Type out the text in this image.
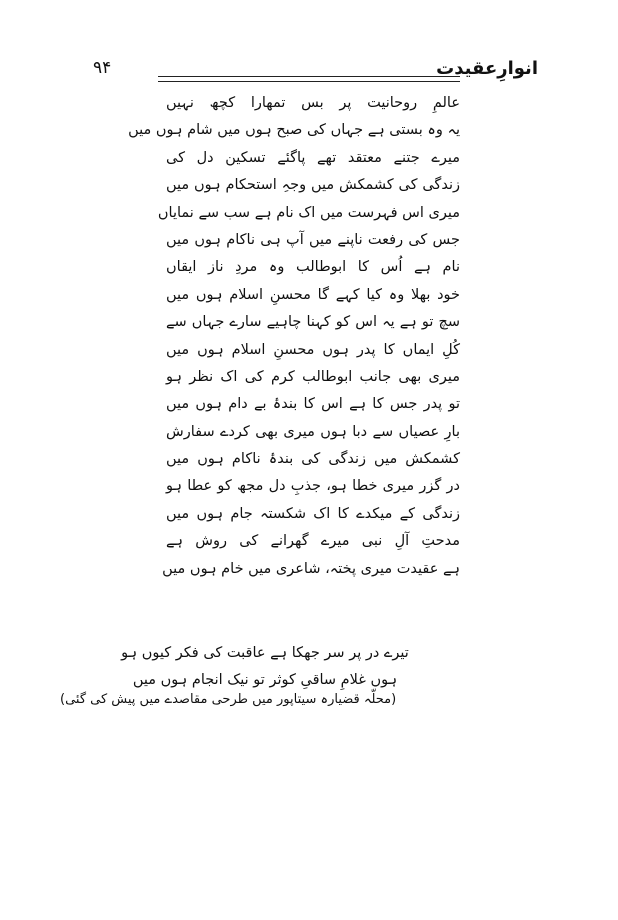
۹۴	انوارِعقیدت
عالمِ روحانیت پر بس تمھارا کچھ نہیں
یہ وہ بستی ہے جہاں کی صبح ہوں میں شام ہوں میں
میرے جتنے معتقد تھے پاگئے تسکین دل کی
زندگی کی کشمکش میں وجہِ استحکام ہوں میں
میری اس فہرست میں اک نام ہے سب سے نمایاں
جس کی رفعت ناپنے میں آپ ہی ناکام ہوں میں
نام ہے اُس کا ابوطالب وہ مردِ ناز ایقاں
خود بھلا وہ کیا کہے گا محسنِ اسلام ہوں میں
سچ تو ہے یہ اس کو کہنا چاہیے سارے جہاں سے
کُلِ ایماں کا پدر ہوں محسنِ اسلام ہوں میں
میری بھی جانب ابوطالب کرم کی اک نظر ہو
تو پدر جس کا ہے اس کا بندۂ بے دام ہوں میں
بارِ عصیاں سے دبا ہوں میری بھی کردے سفارش
کشمکش میں زندگی کی بندۂ ناکام ہوں میں
در گزر میری خطا ہو، جذبِ دل مجھ کو عطا ہو
زندگی کے میکدے کا اک شکستہ جام ہوں میں
مدحتِ آلِ نبی میرے گھرانے کی روش ہے
ہے عقیدت میری پختہ، شاعری میں خام ہوں میں
تیرے در پر سر جھکا ہے عاقبت کی فکر کیوں ہو
ہوں غلامِ ساقیِ کوثر تو نیک انجام ہوں میں
(محلّہ قضیارہ سیتاپور میں طرحی مقاصدے میں پیش کی گئی)
